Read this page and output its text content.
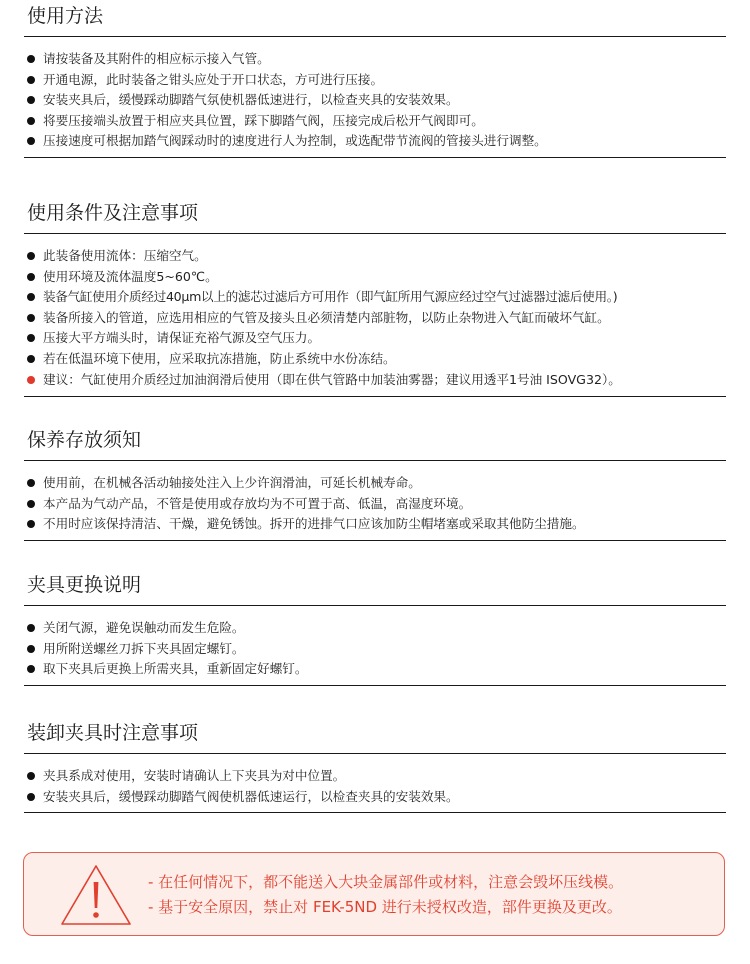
使用方法
请按装备及其附件的相应标示接入气管。
开通电源，此时装备之钳头应处于开口状态，方可进行压接。
安装夹具后，缓慢踩动脚踏气氛使机器低速进行，以检查夹具的安装效果。
将要压接端头放置于相应夹具位置，踩下脚踏气阀，压接完成后松开气阀即可。
压接速度可根据加踏气阀踩动时的速度进行人为控制，或选配带节流阀的管接头进行调整。
使用条件及注意事项
此装备使用流体：压缩空气。
使用环境及流体温度5~60℃。
装备气缸使用介质经过40μm以上的滤芯过滤后方可用作（即气缸所用气源应经过空气过滤器过滤后使用。)
装备所接入的管道，应选用相应的气管及接头且必须清楚内部脏物，以防止杂物进入气缸而破坏气缸。
压接大平方端头时，请保证充裕气源及空气压力。
若在低温环境下使用，应采取抗冻措施，防止系统中水份冻结。
建议：气缸使用介质经过加油润滑后使用（即在供气管路中加装油雾器；建议用透平1号油 ISOVG32）。
保养存放须知
使用前，在机械各活动轴接处注入上少许润滑油，可延长机械寿命。
本产品为气动产品，不管是使用或存放均为不可置于高、低温，高湿度环境。
不用时应该保持清洁、干燥，避免锈蚀。拆开的进排气口应该加防尘帽堵塞或采取其他防尘措施。
夹具更换说明
关闭气源，避免误触动而发生危险。
用所附送螺丝刀拆下夹具固定螺钉。
取下夹具后更换上所需夹具，重新固定好螺钉。
装卸夹具时注意事项
夹具系成对使用，安装时请确认上下夹具为对中位置。
安装夹具后，缓慢踩动脚踏气阀使机器低速运行，以检查夹具的安装效果。
- 在任何情况下，都不能送入大块金属部件或材料，注意会毁坏压线模。
- 基于安全原因，禁止对 FEK-5ND 进行未授权改造，部件更换及更改。
